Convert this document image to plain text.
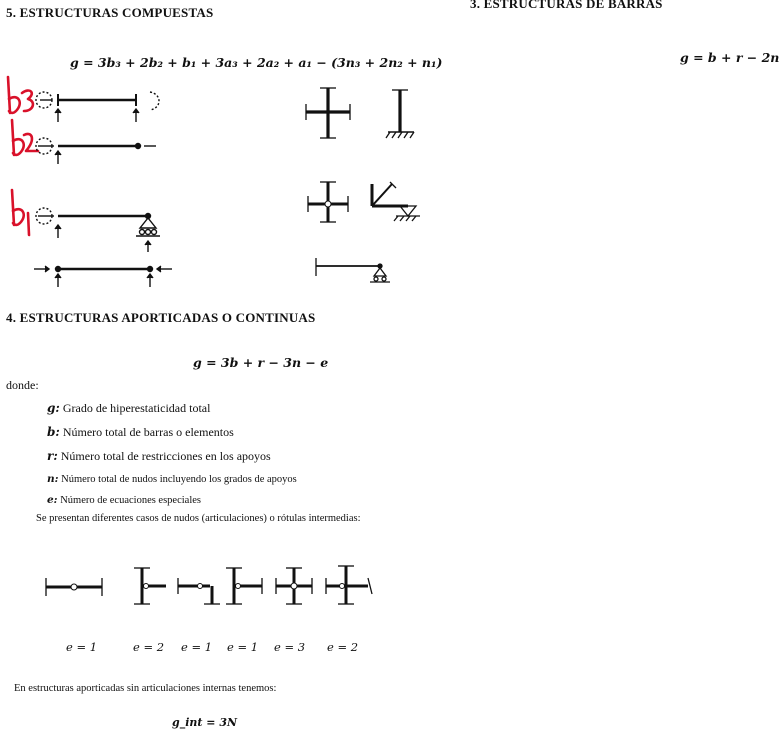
5. ESTRUCTURAS COMPUESTAS
3. ESTRUCTURAS DE BARRAS
g = 3b₃ + 2b₂ + b₁ + 3a₃ + 2a₂ + a₁ − (3n₃ + 2n₂ + n₁)	g = b + r − 2n
4. ESTRUCTURAS APORTICADAS O CONTINUAS
g = 3b + r − 3n − e
donde:
g: Grado de hiperestaticidad total
b: Número total de barras o elementos
r: Número total de restricciones en los apoyos
n: Número total de nudos incluyendo los grados de apoyos
e: Número de ecuaciones especiales
Se presentan diferentes casos de nudos (articulaciones) o rótulas intermedias:
e = 1	e = 2 e = 1 e = 1 e = 3 e = 2
En estructuras aporticadas sin articulaciones internas tenemos:
g_int = 3N
